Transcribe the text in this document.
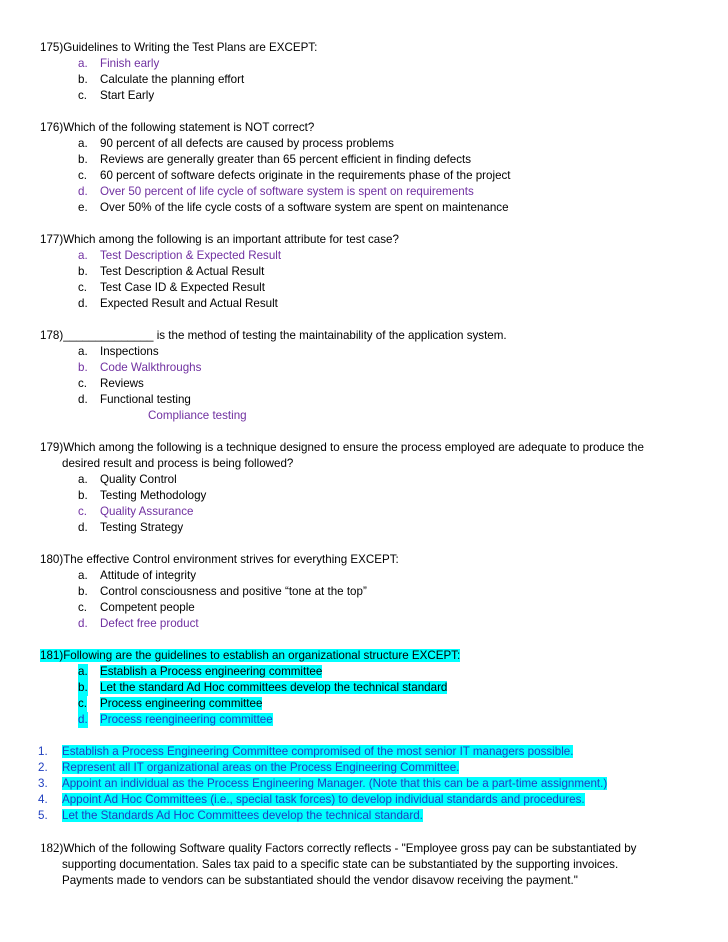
175)Guidelines to Writing the Test Plans are EXCEPT:

a. Finish early
b. Calculate the planning effort
c. Start Early

176)Which of the following statement is NOT correct?

a. 90 percent of all defects are caused by process problems
b. Reviews are generally greater than 65 percent efficient in finding defects
c. 60 percent of software defects originate in the requirements phase of the project
d. Over 50 percent of life cycle of software system is spent on requirements
e. Over 50% of the life cycle costs of a software system are spent on maintenance

177)Which among the following is an important attribute for test case?

a. Test Description & Expected Result
b. Test Description & Actual Result
c. Test Case ID & Expected Result
d. Expected Result and Actual Result

178)______________ is the method of testing the maintainability of the application system.

a. Inspections
b. Code Walkthroughs
c. Reviews
d. Functional testing
Compliance testing

179)Which among the following is a technique designed to ensure the process employed are adequate to produce the
desired result and process is being followed?

a. Quality Control
b. Testing Methodology
c. Quality Assurance
d. Testing Strategy

180)The effective Control environment strives for everything EXCEPT:

a. Attitude of integrity
b. Control consciousness and positive “tone at the top”
c. Competent people
d. Defect free product

181)Following are the guidelines to establish an organizational structure EXCEPT:

a. Establish a Process engineering committee
b. Let the standard Ad Hoc committees develop the technical standard
c. Process engineering committee
d. Process reengineering committee
1. Establish a Process Engineering Committee compromised of the most senior IT managers possible.
2. Represent all IT organizational areas on the Process Engineering Committee.
3. Appoint an individual as the Process Engineering Manager. (Note that this can be a part-time assignment.)
4. Appoint Ad Hoc Committees (i.e., special task forces) to develop individual standards and procedures.
5. Let the Standards Ad Hoc Committees develop the technical standard.

182)Which of the following Software quality Factors correctly reflects - "Employee gross pay can be substantiated by
supporting documentation. Sales tax paid to a specific state can be substantiated by the supporting invoices.
Payments made to vendors can be substantiated should the vendor disavow receiving the payment."
